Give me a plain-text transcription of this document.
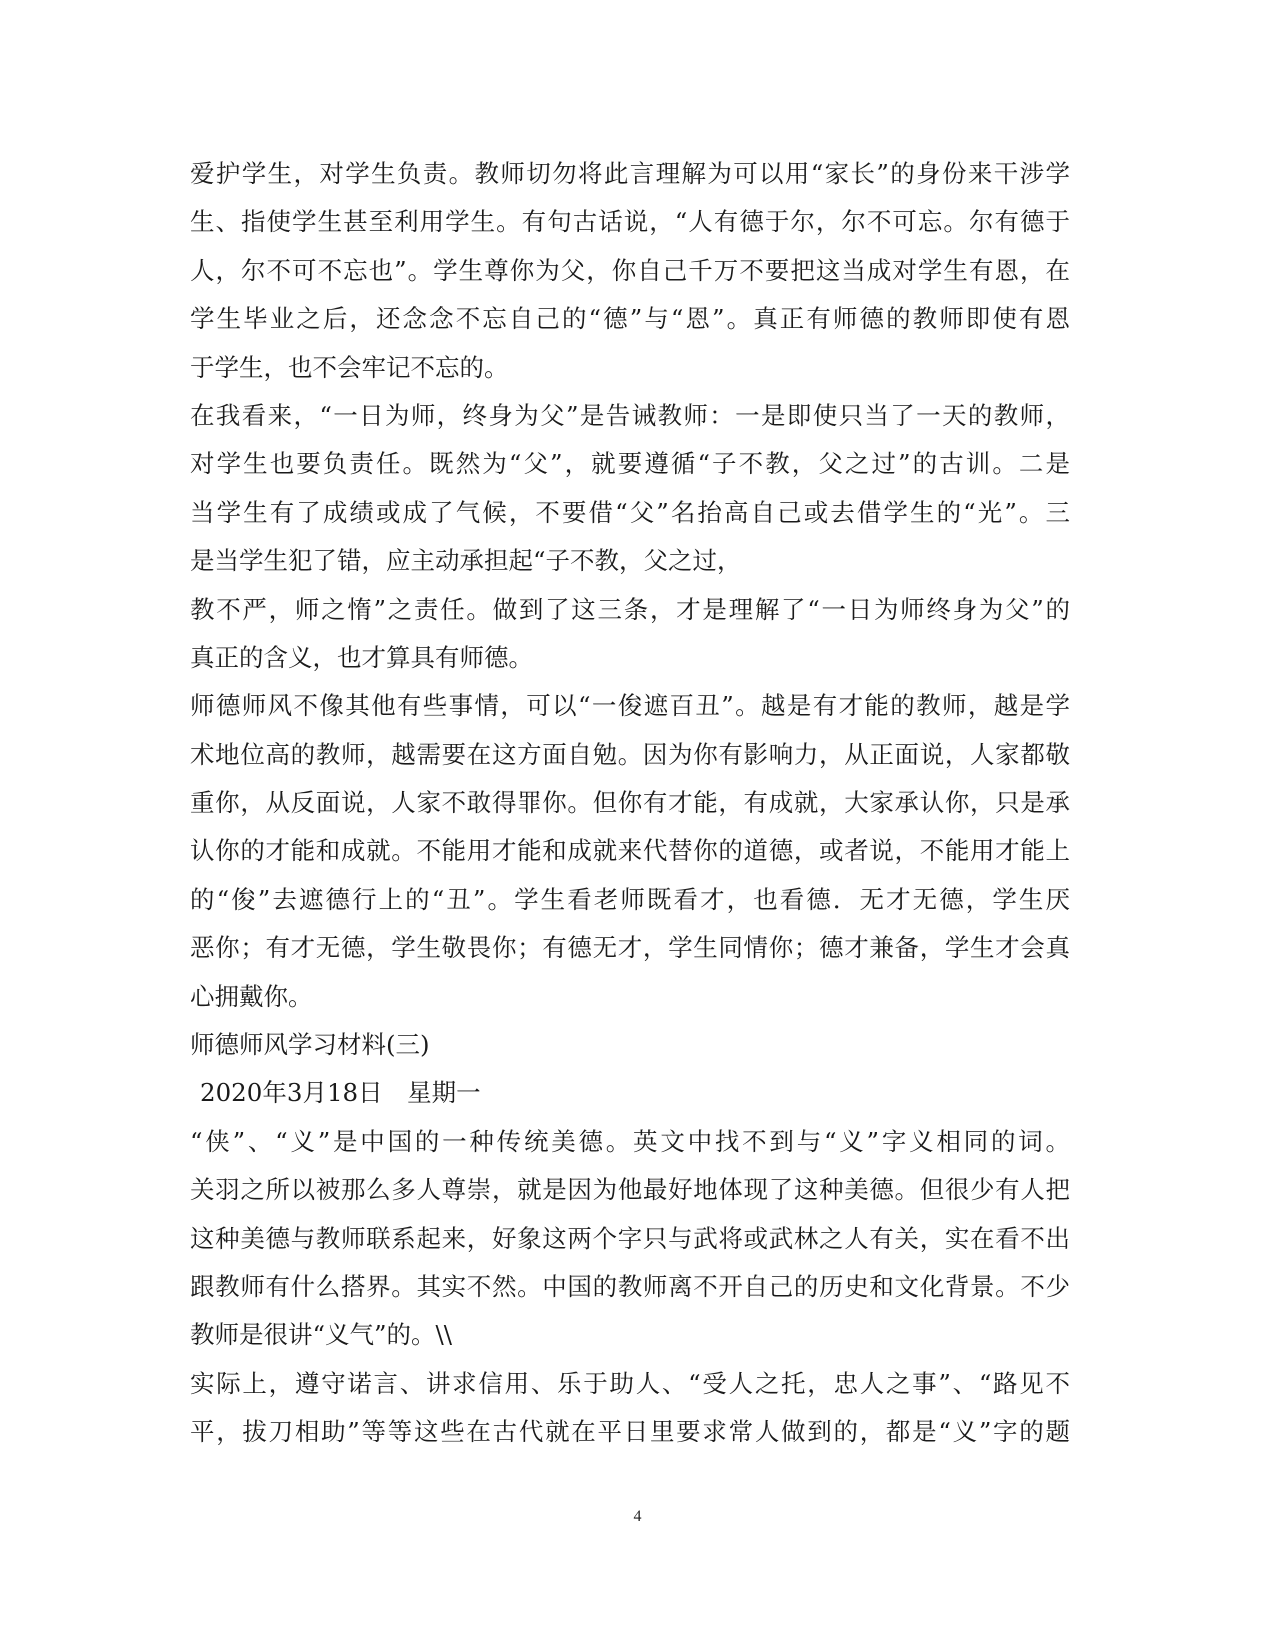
爱护学生，对学生负责。教师切勿将此言理解为可以用“家长”的身份来干涉学
生、指使学生甚至利用学生。有句古话说，“人有德于尔，尔不可忘。尔有德于
人，尔不可不忘也”。学生尊你为父，你自己千万不要把这当成对学生有恩，在
学生毕业之后，还念念不忘自己的“德”与“恩”。真正有师德的教师即使有恩
于学生，也不会牢记不忘的。
在我看来，“一日为师，终身为父”是告诫教师：一是即使只当了一天的教师，
对学生也要负责任。既然为“父”，就要遵循“子不教，父之过”的古训。二是
当学生有了成绩或成了气候，不要借“父”名抬高自己或去借学生的“光”。三
是当学生犯了错，应主动承担起“子不教，父之过，
教不严，师之惰”之责任。做到了这三条，才是理解了“一日为师终身为父”的
真正的含义，也才算具有师德。
师德师风不像其他有些事情，可以“一俊遮百丑”。越是有才能的教师，越是学
术地位高的教师，越需要在这方面自勉。因为你有影响力，从正面说，人家都敬
重你，从反面说，人家不敢得罪你。但你有才能，有成就，大家承认你，只是承
认你的才能和成就。不能用才能和成就来代替你的道德，或者说，不能用才能上
的“俊”去遮德行上的“丑”。学生看老师既看才，也看德．无才无德，学生厌
恶你；有才无德，学生敬畏你；有德无才，学生同情你；德才兼备，学生才会真
心拥戴你。
师德师风学习材料(三)
2020年3月18日　星期一
“侠”、“义”是中国的一种传统美德。英文中找不到与“义”字义相同的词。
关羽之所以被那么多人尊崇，就是因为他最好地体现了这种美德。但很少有人把
这种美德与教师联系起来，好象这两个字只与武将或武林之人有关，实在看不出
跟教师有什么搭界。其实不然。中国的教师离不开自己的历史和文化背景。不少
教师是很讲“义气”的。\\
实际上，遵守诺言、讲求信用、乐于助人、“受人之托，忠人之事”、“路见不
平，拔刀相助”等等这些在古代就在平日里要求常人做到的，都是“义”字的题
4
